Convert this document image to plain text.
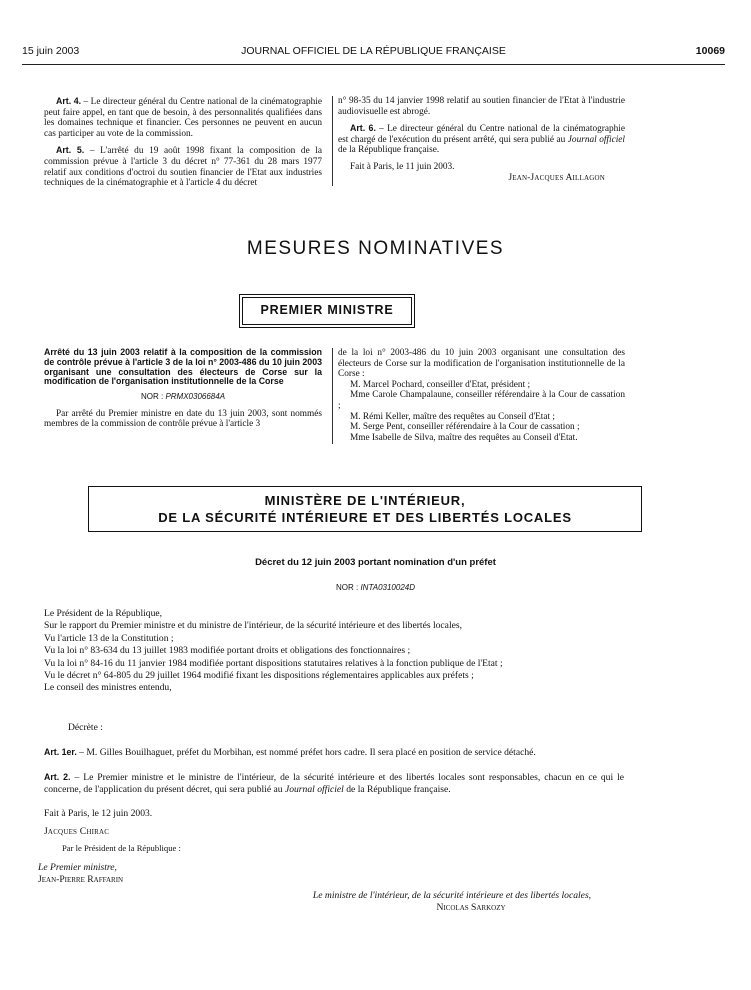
15 juin 2003	JOURNAL OFFICIEL DE LA RÉPUBLIQUE FRANÇAISE	10069

Art. 4. – Le directeur général du Centre national de la cinématographie peut faire appel, en tant que de besoin, à des personnalités qualifiées dans les domaines technique et financier. Ces personnes ne peuvent en aucun cas participer au vote de la commission.

Art. 5. – L'arrêté du 19 août 1998 fixant la composition de la commission prévue à l'article 3 du décret n° 77-361 du 28 mars 1977 relatif aux conditions d'octroi du soutien financier de l'Etat aux industries techniques de la cinématographie et à l'article 4 du décret

n° 98-35 du 14 janvier 1998 relatif au soutien financier de l'Etat à l'industrie audiovisuelle est abrogé.

Art. 6. – Le directeur général du Centre national de la cinématographie est chargé de l'exécution du présent arrêté, qui sera publié au Journal officiel de la République française.

Fait à Paris, le 11 juin 2003.

Jean-Jacques Aillagon

MESURES NOMINATIVES
PREMIER MINISTRE
Arrêté du 13 juin 2003 relatif à la composition de la commission de contrôle prévue à l'article 3 de la loi n° 2003-486 du 10 juin 2003 organisant une consultation des électeurs de Corse sur la modification de l'organisation institutionnelle de la Corse
NOR : PRMX0306684A

Par arrêté du Premier ministre en date du 13 juin 2003, sont nommés membres de la commission de contrôle prévue à l'article 3

de la loi n° 2003-486 du 10 juin 2003 organisant une consultation des électeurs de Corse sur la modification de l'organisation institutionnelle de la Corse :

M. Marcel Pochard, conseiller d'Etat, président ;

Mme Carole Champalaune, conseiller référendaire à la Cour de cassation ;

M. Rémi Keller, maître des requêtes au Conseil d'Etat ;

M. Serge Pent, conseiller référendaire à la Cour de cassation ;

Mme Isabelle de Silva, maître des requêtes au Conseil d'Etat.

MINISTÈRE DE L'INTÉRIEUR,
DE LA SÉCURITÉ INTÉRIEURE ET DES LIBERTÉS LOCALES
Décret du 12 juin 2003 portant nomination d'un préfet
NOR : INTA0310024D
Le Président de la République,
Sur le rapport du Premier ministre et du ministre de l'intérieur, de la sécurité intérieure et des libertés locales,
Vu l'article 13 de la Constitution ;
Vu la loi n° 83-634 du 13 juillet 1983 modifiée portant droits et obligations des fonctionnaires ;
Vu la loi n° 84-16 du 11 janvier 1984 modifiée portant dispositions statutaires relatives à la fonction publique de l'Etat ;
Vu le décret n° 64-805 du 29 juillet 1964 modifié fixant les dispositions réglementaires applicables aux préfets ;
Le conseil des ministres entendu,
Décrète :
Art. 1er. – M. Gilles Bouilhaguet, préfet du Morbihan, est nommé préfet hors cadre. Il sera placé en position de service détaché.
Art. 2. – Le Premier ministre et le ministre de l'intérieur, de la sécurité intérieure et des libertés locales sont responsables, chacun en ce qui le concerne, de l'application du présent décret, qui sera publié au Journal officiel de la République française.
Fait à Paris, le 12 juin 2003.
Jacques Chirac
Par le Président de la République :
Le Premier ministre,
Jean-Pierre Raffarin
Le ministre de l'intérieur, de la sécurité intérieure et des libertés locales,
Nicolas Sarkozy
